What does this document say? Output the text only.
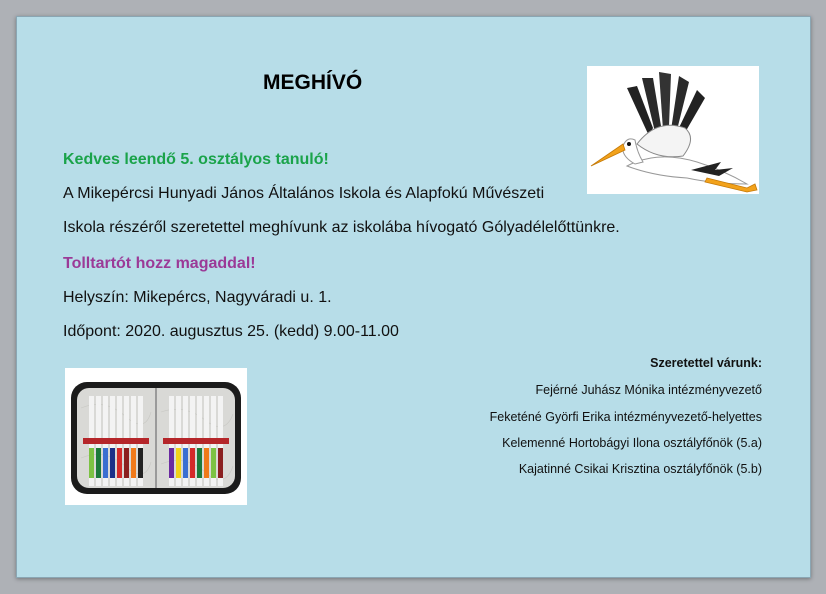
MEGHÍVÓ
Kedves leendő 5. osztályos tanuló!
A Mikepércsi Hunyadi János Általános Iskola és Alapfokú Művészeti
Iskola részéről szeretettel meghívunk az iskolába hívogató Gólyadélelőttünkre.
Tolltartót hozz magaddal!
Helyszín: Mikepércs, Nagyváradi u. 1.
Időpont: 2020. augusztus 25. (kedd) 9.00-11.00
Szeretettel várunk:
Fejérné Juhász Mónika intézményvezető
Feketéné Györfi Erika intézményvezető-helyettes
Kelemenné Hortobágyi Ilona osztályfőnök (5.a)
Kajatinné Csikai Krisztina osztályfőnök (5.b)
